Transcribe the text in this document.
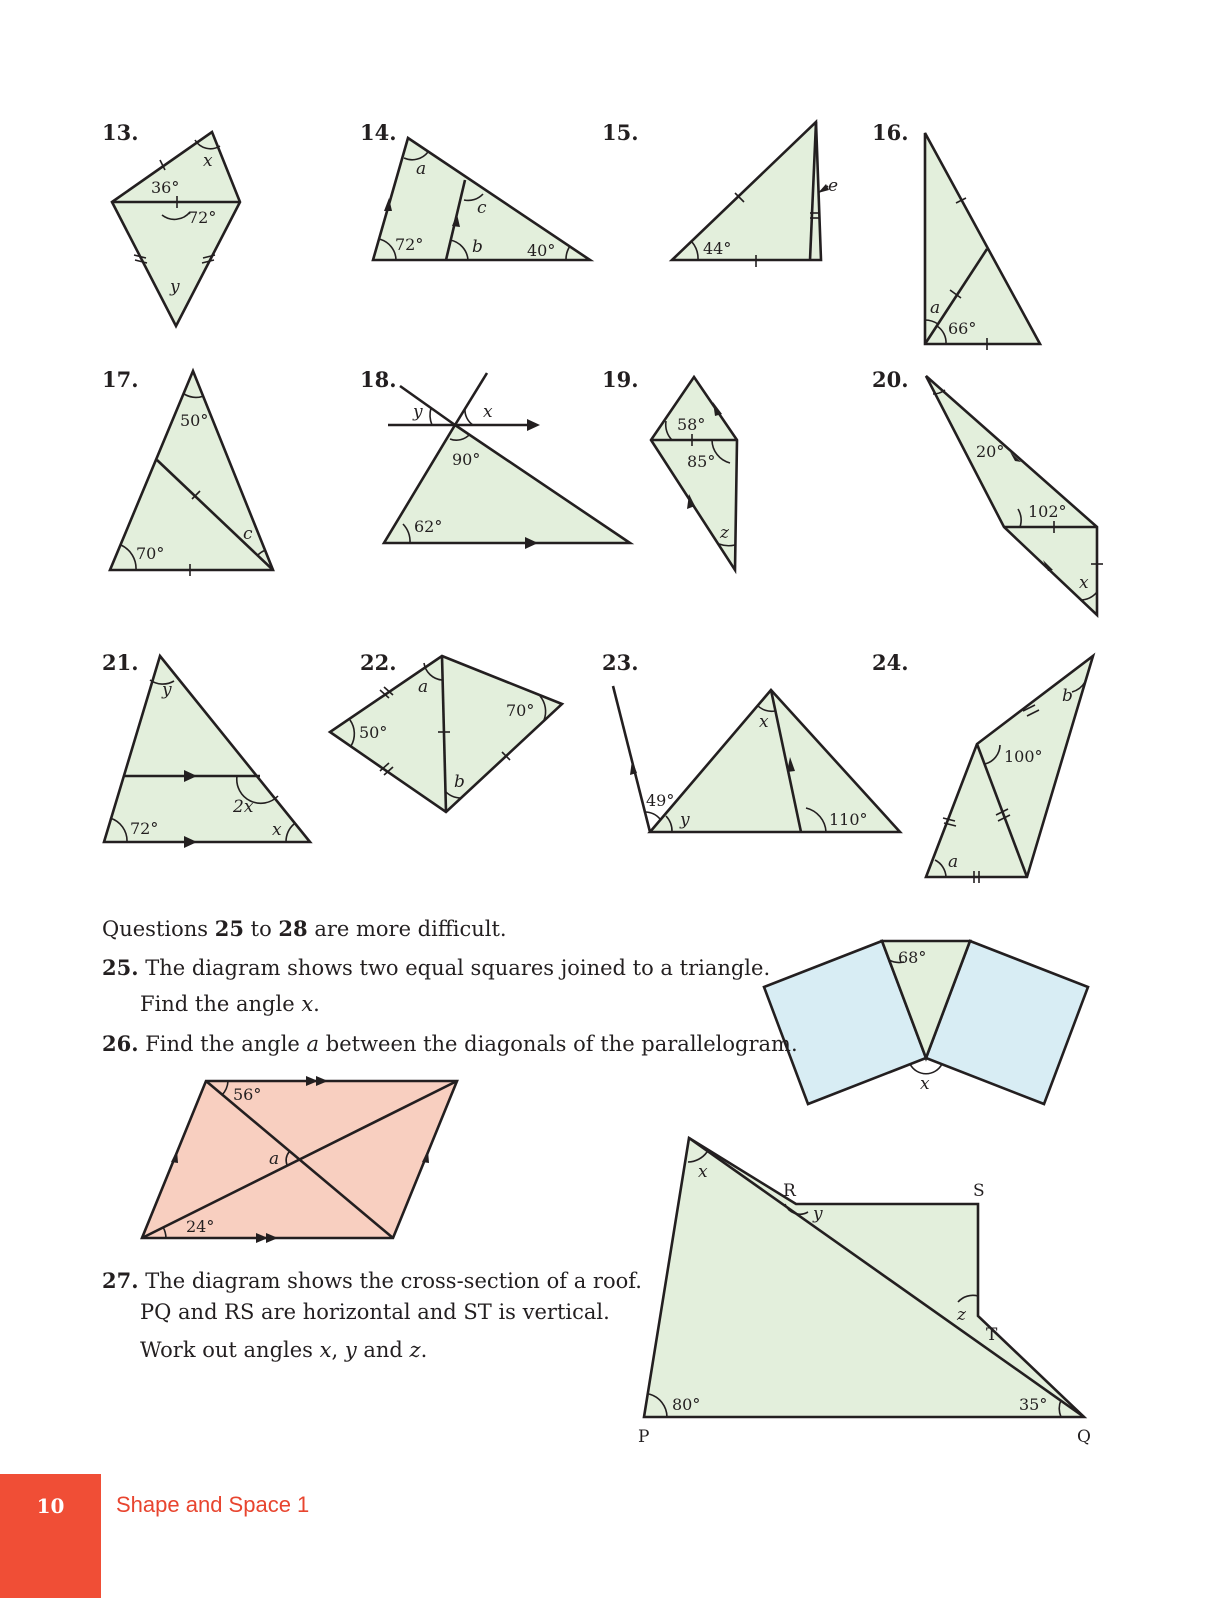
13.
x
36°
72°
y
14.
a
c
72°	b	40°
15.
44°
e
16.
a
66°
17.
50°
70°
c
18.
y	x
90°
62°
19.
58°
85°
z
20.
20°
102°
x
21.
y
2x
72°	x
22.
a
50°
70°
b
23.
x
49°
y	110°
24.
b
100°
a
68°
x
56°
a
24°
x
y
z
80°	35°
P	Q
R	S
T
Questions 25 to 28 are more difficult.
25. The diagram shows two equal squares joined to a triangle.
Find the angle x.
26. Find the angle a between the diagonals of the parallelogram.
27. The diagram shows the cross-section of a roof.
PQ and RS are horizontal and ST is vertical.
Work out angles x, y and z.
10	Shape and Space 1
